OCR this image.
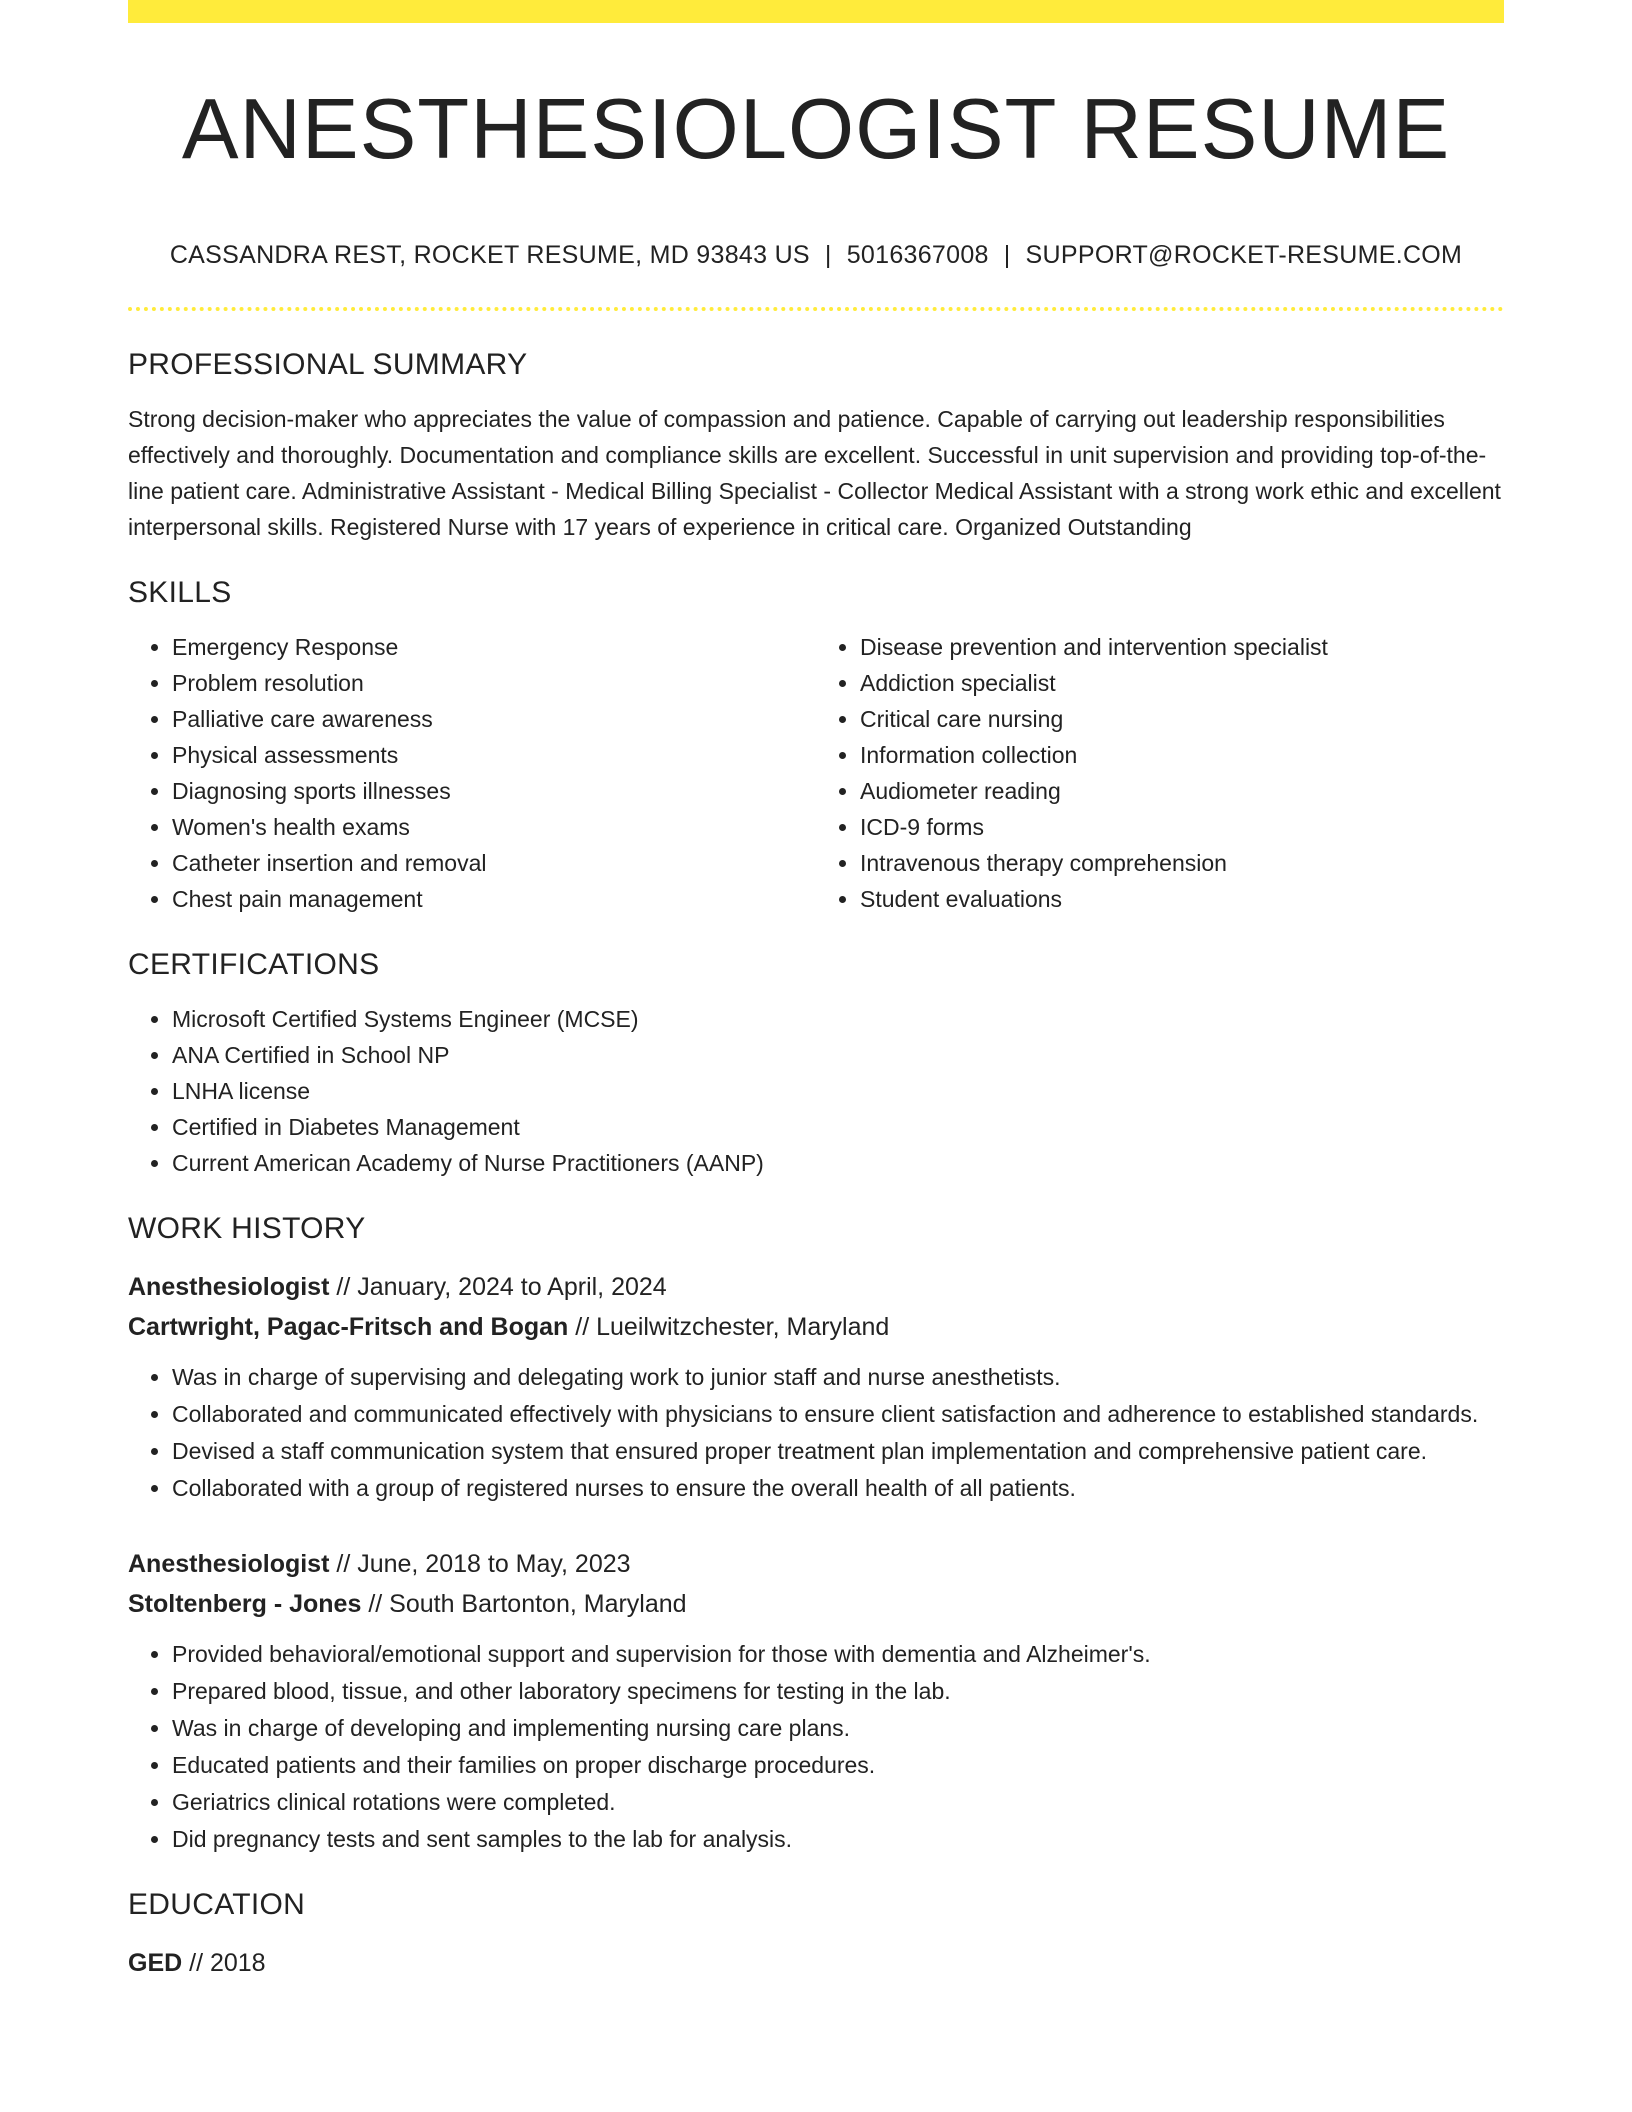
ANESTHESIOLOGIST RESUME
CASSANDRA REST, ROCKET RESUME, MD 93843 US | 5016367008 | SUPPORT@ROCKET-RESUME.COM
PROFESSIONAL SUMMARY

Strong decision-maker who appreciates the value of compassion and patience. Capable of carrying out leadership responsibilities effectively and thoroughly. Documentation and compliance skills are excellent. Successful in unit supervision and providing top-of-the-line patient care. Administrative Assistant - Medical Billing Specialist - Collector Medical Assistant with a strong work ethic and excellent interpersonal skills. Registered Nurse with 17 years of experience in critical care. Organized Outstanding

SKILLS
• Emergency Response
• Problem resolution
• Palliative care awareness
• Physical assessments
• Diagnosing sports illnesses
• Women's health exams
• Catheter insertion and removal
• Chest pain management
• Disease prevention and intervention specialist
• Addiction specialist
• Critical care nursing
• Information collection
• Audiometer reading
• ICD-9 forms
• Intravenous therapy comprehension
• Student evaluations
CERTIFICATIONS
• Microsoft Certified Systems Engineer (MCSE)
• ANA Certified in School NP
• LNHA license
• Certified in Diabetes Management
• Current American Academy of Nurse Practitioners (AANP)
WORK HISTORY
Anesthesiologist // January, 2024 to April, 2024
Cartwright, Pagac-Fritsch and Bogan // Lueilwitzchester, Maryland
• Was in charge of supervising and delegating work to junior staff and nurse anesthetists.
• Collaborated and communicated effectively with physicians to ensure client satisfaction and adherence to established standards.
• Devised a staff communication system that ensured proper treatment plan implementation and comprehensive patient care.
• Collaborated with a group of registered nurses to ensure the overall health of all patients.
Anesthesiologist // June, 2018 to May, 2023
Stoltenberg - Jones // South Bartonton, Maryland
• Provided behavioral/emotional support and supervision for those with dementia and Alzheimer's.
• Prepared blood, tissue, and other laboratory specimens for testing in the lab.
• Was in charge of developing and implementing nursing care plans.
• Educated patients and their families on proper discharge procedures.
• Geriatrics clinical rotations were completed.
• Did pregnancy tests and sent samples to the lab for analysis.
EDUCATION
GED // 2018
